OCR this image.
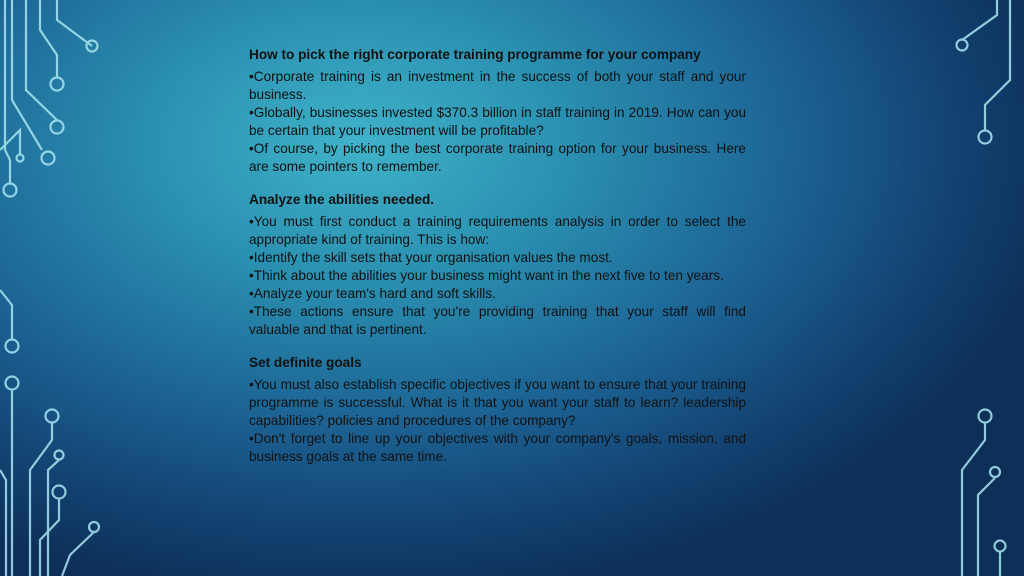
How to pick the right corporate training programme for your company

•Corporate training is an investment in the success of both your staff and your business.

•Globally, businesses invested $370.3 billion in staff training in 2019. How can you be certain that your investment will be profitable?

•Of course, by picking the best corporate training option for your business. Here are some pointers to remember.

Analyze the abilities needed.

•You must first conduct a training requirements analysis in order to select the appropriate kind of training. This is how:

•Identify the skill sets that your organisation values the most.

•Think about the abilities your business might want in the next five to ten years.

•Analyze your team's hard and soft skills.

•These actions ensure that you're providing training that your staff will find valuable and that is pertinent.

Set definite goals

•You must also establish specific objectives if you want to ensure that your training programme is successful. What is it that you want your staff to learn? leadership capabilities? policies and procedures of the company?

•Don't forget to line up your objectives with your company's goals, mission, and business goals at the same time.
